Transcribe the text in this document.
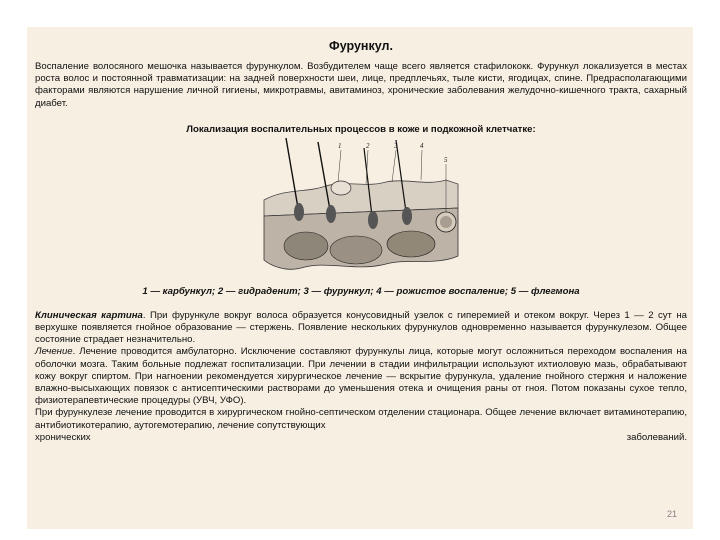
Фурункул.

Воспаление волосяного мешочка называется фурункулом. Возбудителем чаще всего является стафилококк. Фурункул локализуется в местах роста волос и постоянной травматизации: на задней поверхности шеи, лице, предплечьях, тыле кисти, ягодицах, спине. Предрасполагающими факторами являются нарушение личной гигиены, микротравмы, авитаминоз, хронические заболевания желудочно-кишечного тракта, сахарный диабет.

Локализация воспалительных процессов в коже и подкожной клетчатке:
1	2	3	4
5
1 — карбункул; 2 — гидраденит; 3 — фурункул; 4 — рожистое воспаление; 5 — флегмона

Клиническая картина. При фурункуле вокруг волоса образуется конусовидный узелок с гиперемией и отеком вокруг. Через 1 — 2 сут на верхушке появляется гнойное образование — стержень. Появление нескольких фурункулов одновременно называется фурункулезом. Общее состояние страдает незначительно.

Лечение. Лечение проводится амбулаторно. Исключение составляют фурункулы лица, которые могут осложниться переходом воспаления на оболочки мозга. Таким больные подлежат госпитализации. При лечении в стадии инфильтрации используют ихтиоловую мазь, обрабатывают кожу вокруг спиртом. При нагноении рекомендуется хирургическое лечение — вскрытие фурункула, удаление гнойного стержня и наложение влажно-высыхающих повязок с антисептическими растворами до уменьшения отека и очищения раны от гноя. Потом показаны сухое тепло, физиотерапевтические процедуры (УВЧ, УФО).

При фурункулезе лечение проводится в хирургическом гнойно-септическом отделении стационара. Общее лечение включает витаминотерапию, антибиотикотерапию, аутогемотерапию, лечение сопутствующих

хронических	заболеваний.
21
